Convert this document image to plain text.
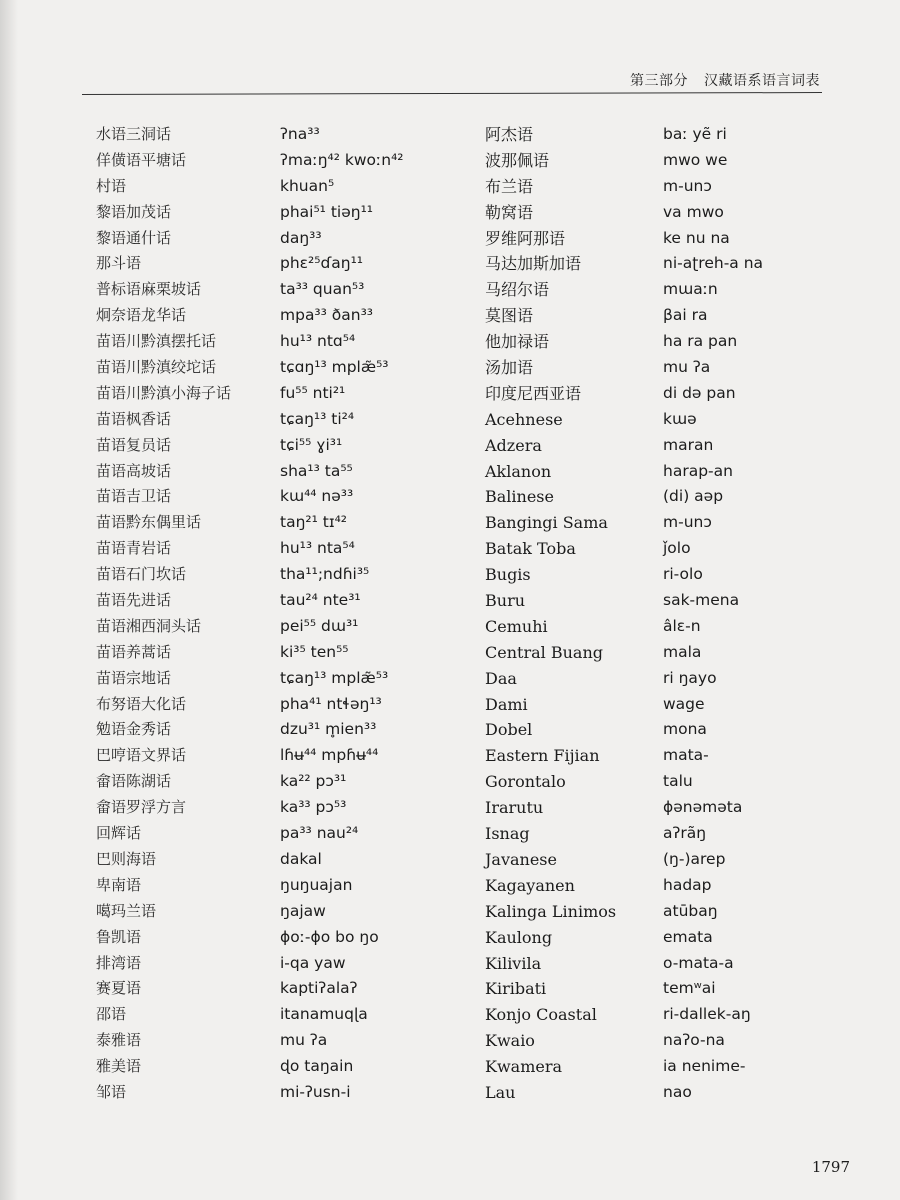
第三部分 汉藏语系语言词表
水语三洞话	ʔna³³	阿杰语	baː yẽ ri
佯僙语平塘话	ʔmaːŋ⁴² kwoːn⁴²	波那佩语	mwo we
村语	khuan⁵	布兰语	m-unɔ
黎语加茂话	phai⁵¹ tiəŋ¹¹	勒窝语	va mwo
黎语通什话	daŋ³³	罗维阿那语	ke nu na
那斗语	phɛ²⁵ɗaŋ¹¹	马达加斯加语	ni-aʈreh-a na
普标语麻栗坡话	ta³³ quan⁵³	马绍尔语	mɯaːn
炯奈语龙华话	mpa³³ ðan³³	莫图语	βai ra
苗语川黔滇摆托话	hu¹³ ntɑ⁵⁴	他加禄语	ha ra pan
苗语川黔滇绞坨话	tɕɑŋ¹³ mplæ̃⁵³	汤加语	mu ʔa
苗语川黔滇小海子话	fu⁵⁵ nti²¹	印度尼西亚语	di də pan
苗语枫香话	tɕaŋ¹³ ti²⁴	Acehnese	kɯə
苗语复员话	tɕi⁵⁵ ɣi³¹	Adzera	maran
苗语高坡话	sha¹³ ta⁵⁵	Aklanon	harap-an
苗语吉卫话	kɯ⁴⁴ nə³³	Balinese	(di) aəp
苗语黔东偶里话	taŋ²¹ tɪ⁴²	Bangingi Sama	m-unɔ
苗语青岩话	hu¹³ nta⁵⁴	Batak Toba	ǰolo
苗语石门坎话	tha¹¹;ndɦi³⁵	Bugis	ri-olo
苗语先进话	tau²⁴ nte³¹	Buru	sak-mena
苗语湘西洞头话	pei⁵⁵ dɯ³¹	Cemuhi	âlɛ-n
苗语养蒿话	ki³⁵ ten⁵⁵	Central Buang	mala
苗语宗地话	tɕaŋ¹³ mplæ̃⁵³	Daa	ri ŋayo
布努语大化话	pha⁴¹ ntɬəŋ¹³	Dami	wage
勉语金秀话	dzu³¹ m̥ien³³	Dobel	mona
巴哼语文界话	lɦʉ⁴⁴ mpɦʉ⁴⁴	Eastern Fijian	mata-
畲语陈湖话	ka²² pɔ³¹	Gorontalo	talu
畲语罗浮方言	ka³³ pɔ⁵³	Irarutu	ɸənəmәta
回辉话	pa³³ nau²⁴	Isnag	aʔrãŋ
巴则海语	dakal	Javanese	(ŋ-)arep
卑南语	ŋuŋuajan	Kagayanen	hadap
噶玛兰语	ŋajaw	Kalinga Linimos	atūbaŋ
鲁凯语	ɸoː-ɸo bo ŋo	Kaulong	emata
排湾语	i-qa yaw	Kilivila	o-mata-a
赛夏语	kaptiʔalaʔ	Kiribati	temʷai
邵语	itanamuqɭa	Konjo Coastal	ri-dallek-aŋ
泰雅语	mu ʔa	Kwaio	naʔo-na
雅美语	ɖo taŋain	Kwamera	ia nenime-
邹语	mi-ʔusn-i	Lau	nao
1797
